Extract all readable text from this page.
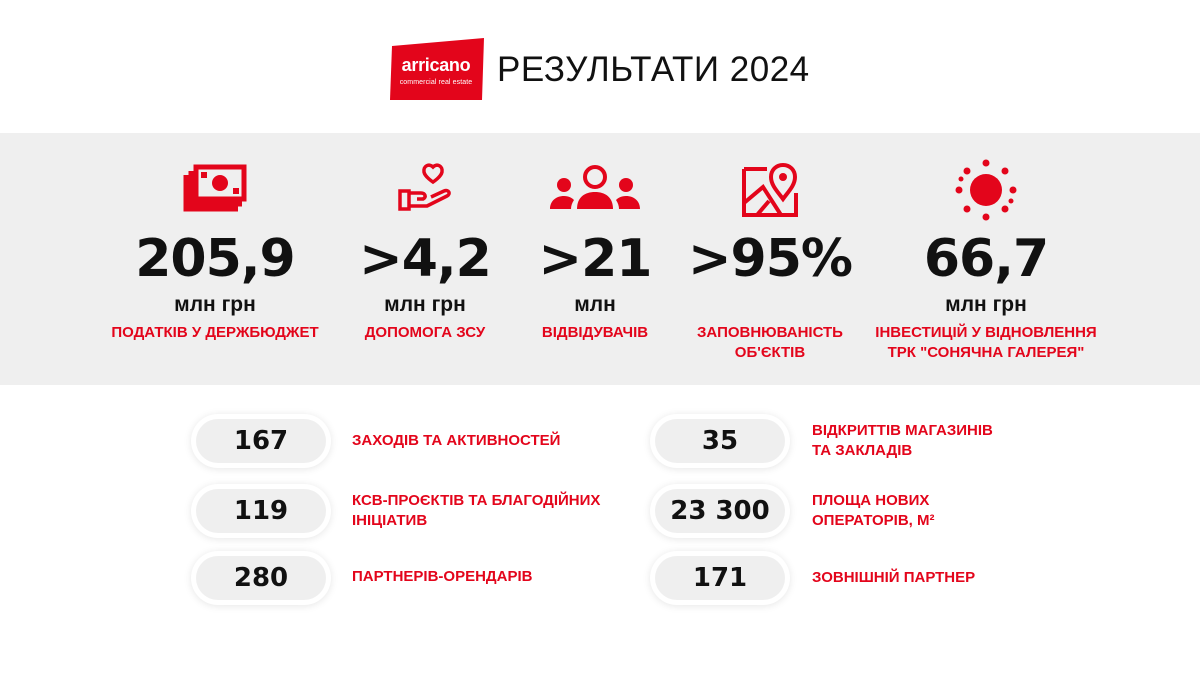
arricano
commercial real estate РЕЗУЛЬТАТИ 2024
205,9
млн грн
ПОДАТКІВ У ДЕРЖБЮДЖЕТ
>4,2
млн грн
ДОПОМОГА ЗСУ
>21
млн
ВІДВІДУВАЧІВ
>95%
ЗАПОВНЮВАНІСТЬ
ОБ'ЄКТІВ
66,7
млн грн
ІНВЕСТИЦІЙ У ВІДНОВЛЕННЯ
ТРК "СОНЯЧНА ГАЛЕРЕЯ"
167	ЗАХОДІВ ТА АКТИВНОСТЕЙ
119	КСВ-ПРОЄКТІВ ТА БЛАГОДІЙНИХ
ІНІЦІАТИВ
280	ПАРТНЕРІВ-ОРЕНДАРІВ
35	ВІДКРИТТІВ МАГАЗИНІВ
ТА ЗАКЛАДІВ
23 300	ПЛОЩА НОВИХ
ОПЕРАТОРІВ, М²
171	ЗОВНІШНІЙ ПАРТНЕР
